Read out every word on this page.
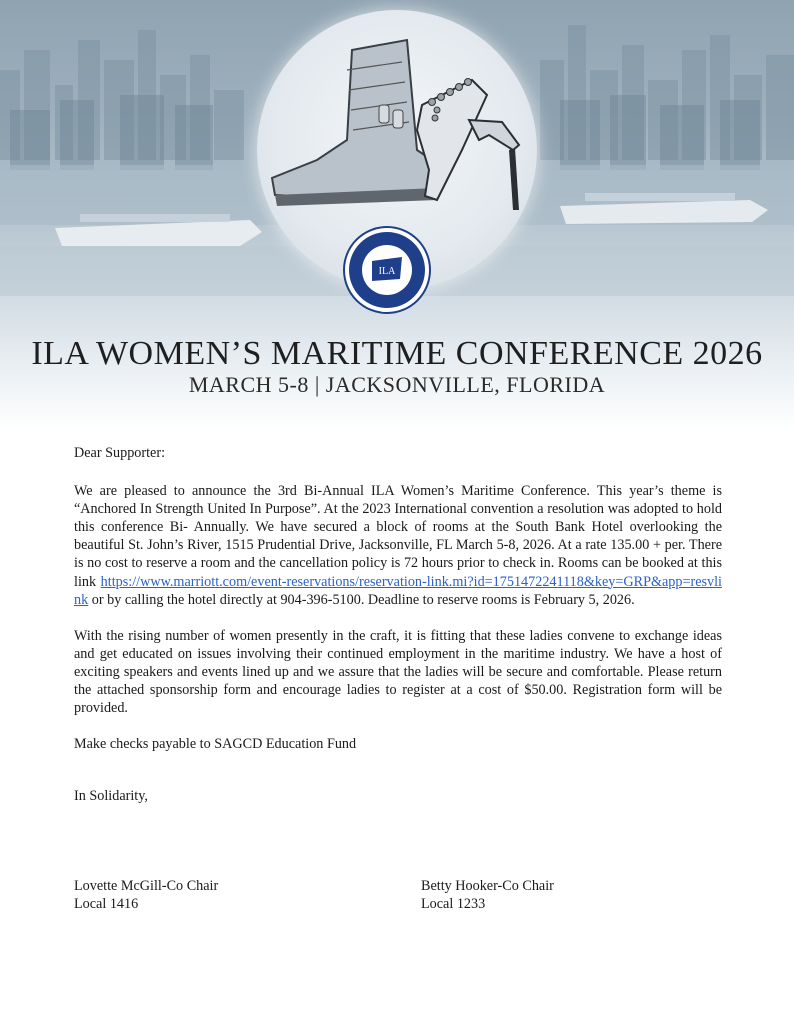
ILA
ILA WOMEN’S MARITIME CONFERENCE 2026
MARCH 5-8 | JACKSONVILLE, FLORIDA

Dear Supporter:

We are pleased to announce the 3rd Bi-Annual ILA Women’s Maritime Conference. This year’s theme is “Anchored In Strength United In Purpose”. At the 2023 International convention a resolution was adopted to hold this conference Bi- Annually. We have secured a block of rooms at the South Bank Hotel overlooking the beautiful St. John’s River, 1515 Prudential Drive, Jacksonville, FL March 5-8, 2026. At a rate 135.00 + per. There is no cost to reserve a room and the cancellation policy is 72 hours prior to check in. Rooms can be booked at this link https://www.marriott.com/event-reservations/reservation-link.mi?id=1751472241118&key=GRP&app=resvlink or by calling the hotel directly at 904-396-5100. Deadline to reserve rooms is February 5, 2026.

With the rising number of women presently in the craft, it is fitting that these ladies convene to exchange ideas and get educated on issues involving their continued employment in the maritime industry. We have a host of exciting speakers and events lined up and we assure that the ladies will be secure and comfortable. Please return the attached sponsorship form and encourage ladies to register at a cost of $50.00. Registration form will be provided.

Make checks payable to SAGCD Education Fund

In Solidarity,

Lovette McGill-Co Chair
Local 1416
Betty Hooker-Co Chair
Local 1233
